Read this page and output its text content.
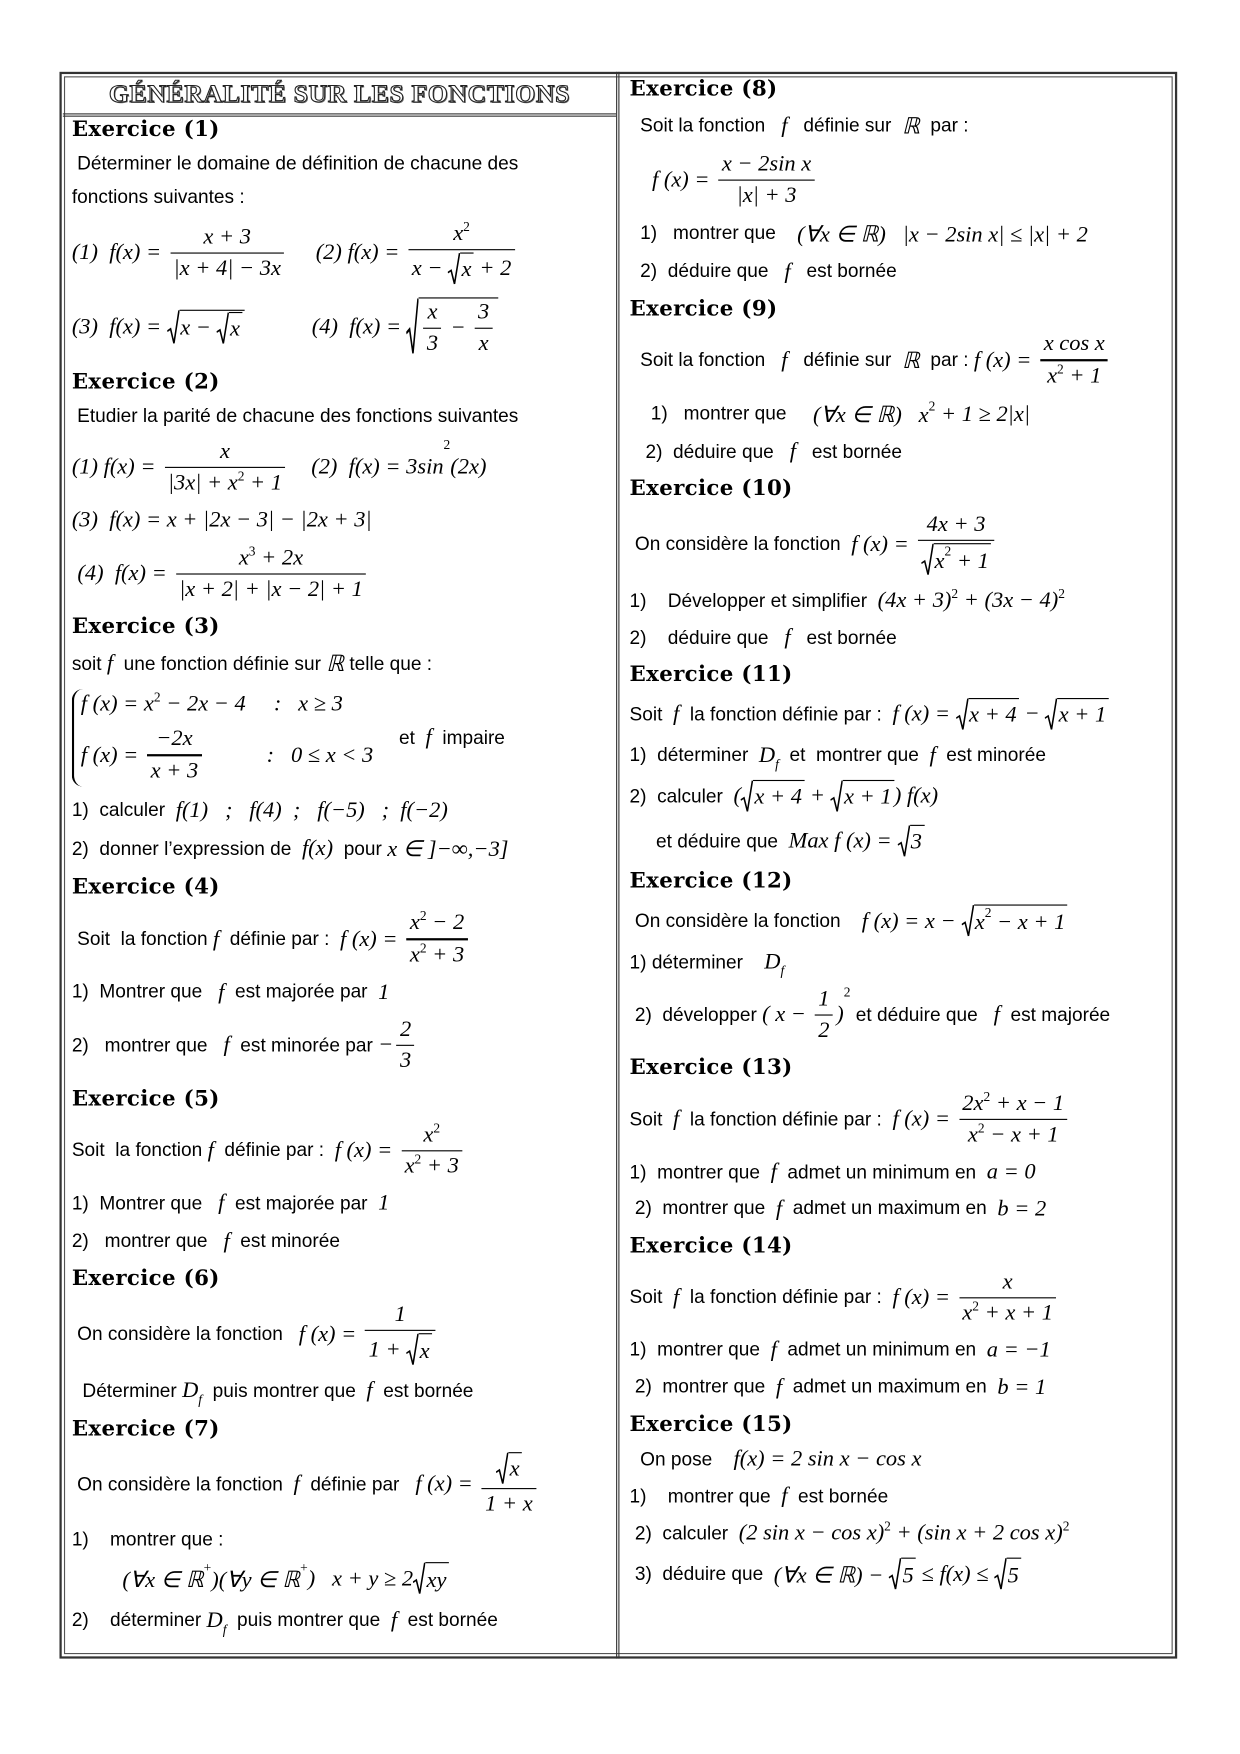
GÉNÉRALITÉ SUR LES FONCTIONS
Exercice (1)
Déterminer le domaine de définition de chacune des
fonctions suivantes :
(1)  $f(x) = \frac{x + 3}{|x + 4| - 3x} (2) f(x) = \frac{x 2}{x - x + 2}$
(3)  f(x) = x − x (4)  $f(x) = \frac{x}{3} - \frac{3}{x}$
Exercice (2)
Etudier la parité de chacune des fonctions suivantes
(1) $f(x) = \frac{x}{|3x| + x 2 + 1} (2) f(x) = 3\sin$
2
(2x)
(3)  f(x) = x + |2x − 3| − |2x + 3|
(4)  $f(x) = \frac{x 3 + 2x}{|x + 2| + |x - 2| + 1}$
Exercice (3)
soit f une fonction définie sur ℝ telle que :
f (x) = x 2 − 2x − 4     :   x ≥ 3
f $(x) = \frac{-2x}{x + 3}$ :   0 ≤ x < 3
et f impaire
1)  calculer f(1)   ;   f(4)  ;   f(−5)   ;  f(−2)
2)  donner l’expression de f(x) pour x ∈ ]−∞,−3]
Exercice (4)
Soit  la fonction f définie par : f $(x) = \frac{x 2 - 2}{x 2 + 3}$
1)  Montrer que f est majorée par 1
2)   montrer que f est minorée par − $\frac{2}{3}$
Exercice (5)
Soit  la fonction f définie par : f $(x) = \frac{x 2}{x 2 + 3}$
1)  Montrer que f est majorée par 1
2)   montrer que f est minorée
Exercice (6)
On considère la fonction f $(x) = \frac{1}{1 + x}$
Déterminer D f puis montrer que f est bornée
Exercice (7)
On considère la fonction f définie par f $(x) = \frac{x}{1 + x}$
1)    montrer que :
(∀x ∈ ℝ + )(∀y ∈ ℝ + )   x + y ≥ 2 xy
2)    déterminer D f puis montrer que f est bornée
Exercice (8)
Soit la fonction f définie sur ℝ par :
f $(x) = \frac{\text{x − 2sin x}}{|x| + 3}$
1)   montrer que (∀x ∈ ℝ)   |x − 2sin x| ≤ |x| + 2
2)  déduire que f est bornée
Exercice (9)
Soit la fonction f définie sur ℝ par : f $(x) = \frac{\text{x cos x}}{x 2 + 1}$
1)   montrer que (∀x ∈ ℝ)   x 2 + 1 ≥ 2|x|
2)  déduire que f est bornée
Exercice (10)
On considère la fonction f $(x) = \frac{4x + 3}{x 2 + 1}$
1)    Développer et simplifier (4x + 3) 2 + (3x − 4) 2
2)    déduire que f est bornée
Exercice (11)
Soit f la fonction définie par : f (x) = x + 4 − x + 1
1)  déterminer D f et  montrer que f est minorée
2)  calculer ( x + 4 + x + 1 ) f(x)
et déduire que Max f (x) = 3
Exercice (12)
On considère la fonction f (x) = x − x 2 − x + 1
1) déterminer D f
2)  développer ( $x - \frac{1}{2}$ )
2
et déduire que f est majorée
Exercice (13)
Soit f la fonction définie par : f $(x) = \frac{2x 2 + x - 1}{x 2 - x + 1}$
1)  montrer que f admet un minimum en a = 0
2)  montrer que f admet un maximum en b = 2
Exercice (14)
Soit f la fonction définie par : f $(x) = \frac{x}{x 2 + x + 1}$
1)  montrer que f admet un minimum en a = −1
2)  montrer que f admet un maximum en b = 1
Exercice (15)
On pose f(x) = 2 sin x − cos x
1)    montrer que f est bornée
2)  calculer (2 sin x − cos x) 2 + (sin x + 2 cos x) 2
3)  déduire que (∀x ∈ ℝ) − 5 ≤ f(x) ≤ 5
